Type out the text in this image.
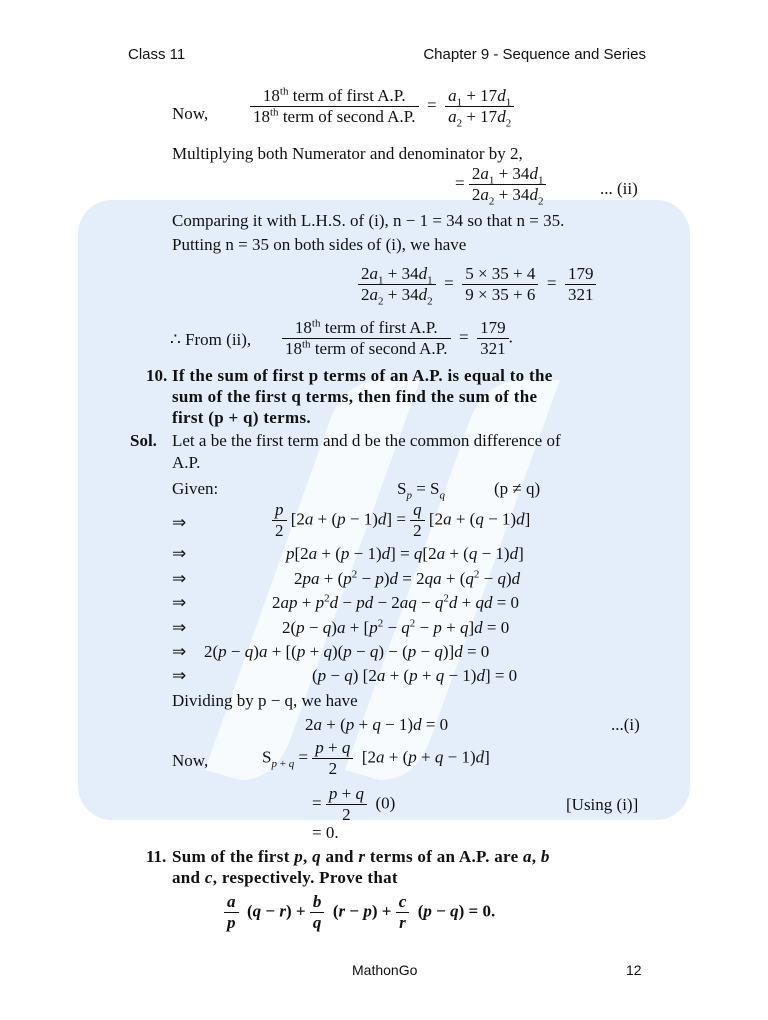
Class 11	Chapter 9 - Sequence and Series
Now, $\frac{18^{th} term of first A.P.}{18^{th} term of second A.P.} = \frac{a_1 + 17d_1}{a_2 + 17d_2}$
Multiplying both Numerator and denominator by 2,
= $\frac{2a_1 + 34d_1}{2a_2 + 34d_2}$	... (ii)
Comparing it with L.H.S. of (i), n − 1 = 34 so that n = 35.
Putting n = 35 on both sides of (i), we have
$\frac{2a_1 + 34d_1}{2a_2 + 34d_2} = \frac{5 \times 35 + 4}{9 \times 35 + 6} = \frac{179}{321}$
∴ From (ii), $\frac{18^{th} term of first A.P.}{18^{th} term of second A.P.} = \frac{179}{321}$ .
10. If the sum of first p terms of an A.P. is equal to the
sum of the first q terms, then find the sum of the
first (p + q) terms.
Sol. Let a be the first term and d be the common difference of
A.P.
Given:	$S_p = S_q$	(p ≠ q)
⇒
⇒
⇒
⇒
⇒
⇒
⇒
$\frac{p}{2} [2a + (p - 1)d] = \frac{q}{2} [2a + (q - 1)d]$
p[2a + (p − 1)d] = q[2a + (q − 1)d]
$2pa + (p^2 - p)d = 2qa + (q^2 - q)d$
$2ap + p^2d$ − pd − $2aq - q^2d$ + qd = 0
$2(p - q)a + [p^2 - q^2 - p + q]d = 0$
2(p − q)a + [(p + q)(p − q) − (p − q)]d = 0
(p − q) [2a + (p + q − 1)d] = 0
Dividing by p − q, we have
2a + (p + q − 1)d = 0	...(i)
Now,	$S_{p + q} = \frac{p + q}{2} [2a + (p + q - 1)d]$
= $\frac{p + q}{2} (0)$	[Using (i)]
= 0.
11. Sum of the first p, q and r terms of an A.P. are a, b
and c, respectively. Prove that
$\frac{a}{p} (q - r) + \frac{b}{q} (r - p) + \frac{c}{r} (p - q) = 0$.
MathonGo	12
